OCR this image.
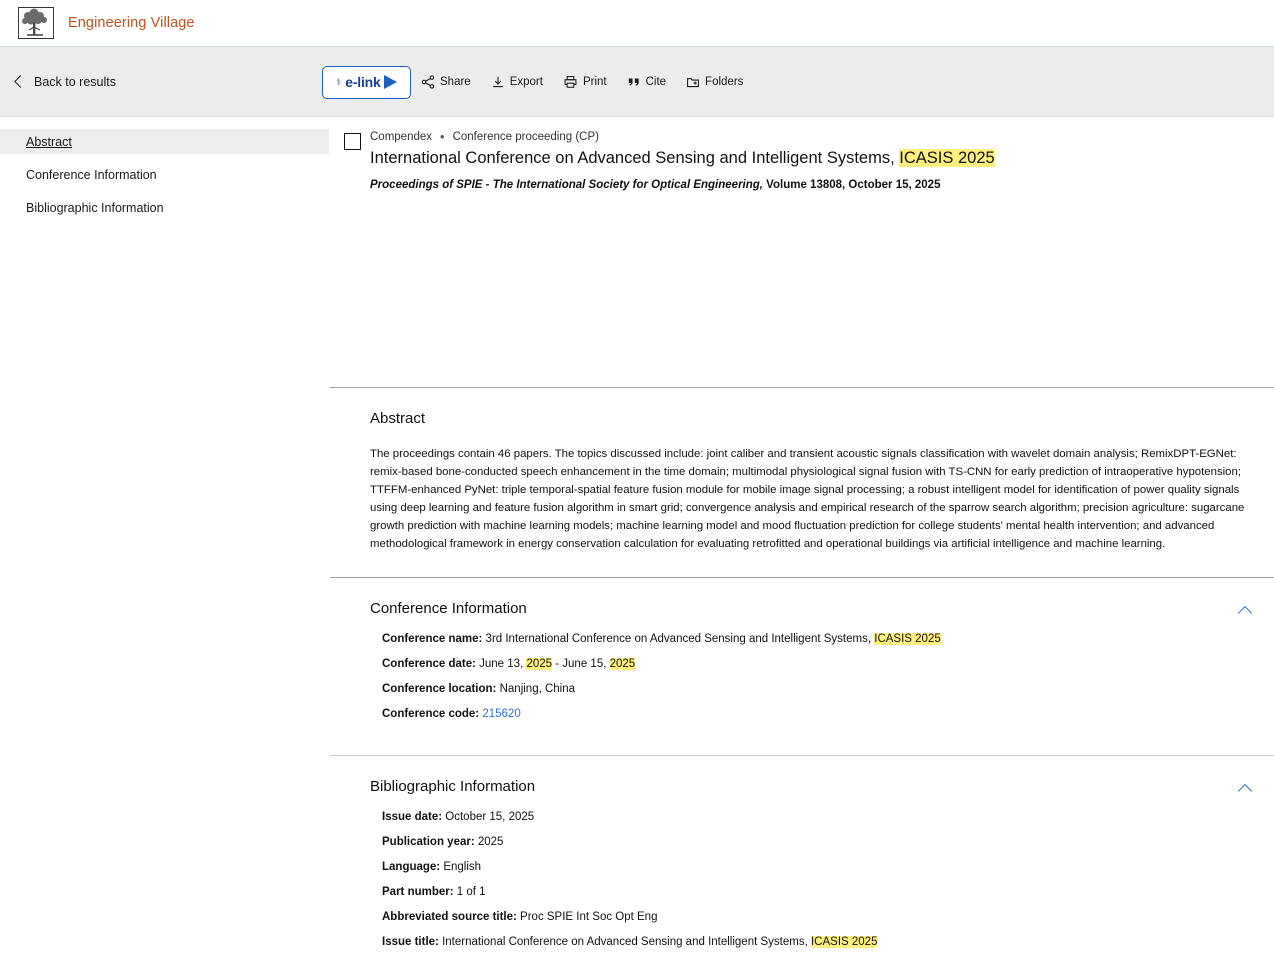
Engineering Village
Back to results	⚕ e-link	Share	Export	Print	Cite	Folders
Abstract
Conference Information
Bibliographic Information
Compendex • Conference proceeding (CP)
International Conference on Advanced Sensing and Intelligent Systems, ICASIS 2025
Proceedings of SPIE - The International Society for Optical Engineering, Volume 13808, October 15, 2025
Abstract
The proceedings contain 46 papers. The topics discussed include: joint caliber and transient acoustic signals classification with wavelet domain analysis; RemixDPT-EGNet: remix-based bone-conducted speech enhancement in the time domain; multimodal physiological signal fusion with TS-CNN for early prediction of intraoperative hypotension; TTFFM-enhanced PyNet: triple temporal-spatial feature fusion module for mobile image signal processing; a robust intelligent model for identification of power quality signals using deep learning and feature fusion algorithm in smart grid; convergence analysis and empirical research of the sparrow search algorithm; precision agriculture: sugarcane growth prediction with machine learning models; machine learning model and mood fluctuation prediction for college students' mental health intervention; and advanced methodological framework in energy conservation calculation for evaluating retrofitted and operational buildings via artificial intelligence and machine learning.
Conference Information
Conference name: 3rd International Conference on Advanced Sensing and Intelligent Systems, ICASIS 2025
Conference date: June 13, 2025 - June 15, 2025
Conference location: Nanjing, China
Conference code: 215620
Bibliographic Information
Issue date: October 15, 2025
Publication year: 2025
Language: English
Part number: 1 of 1
Abbreviated source title: Proc SPIE Int Soc Opt Eng
Issue title: International Conference on Advanced Sensing and Intelligent Systems, ICASIS 2025
